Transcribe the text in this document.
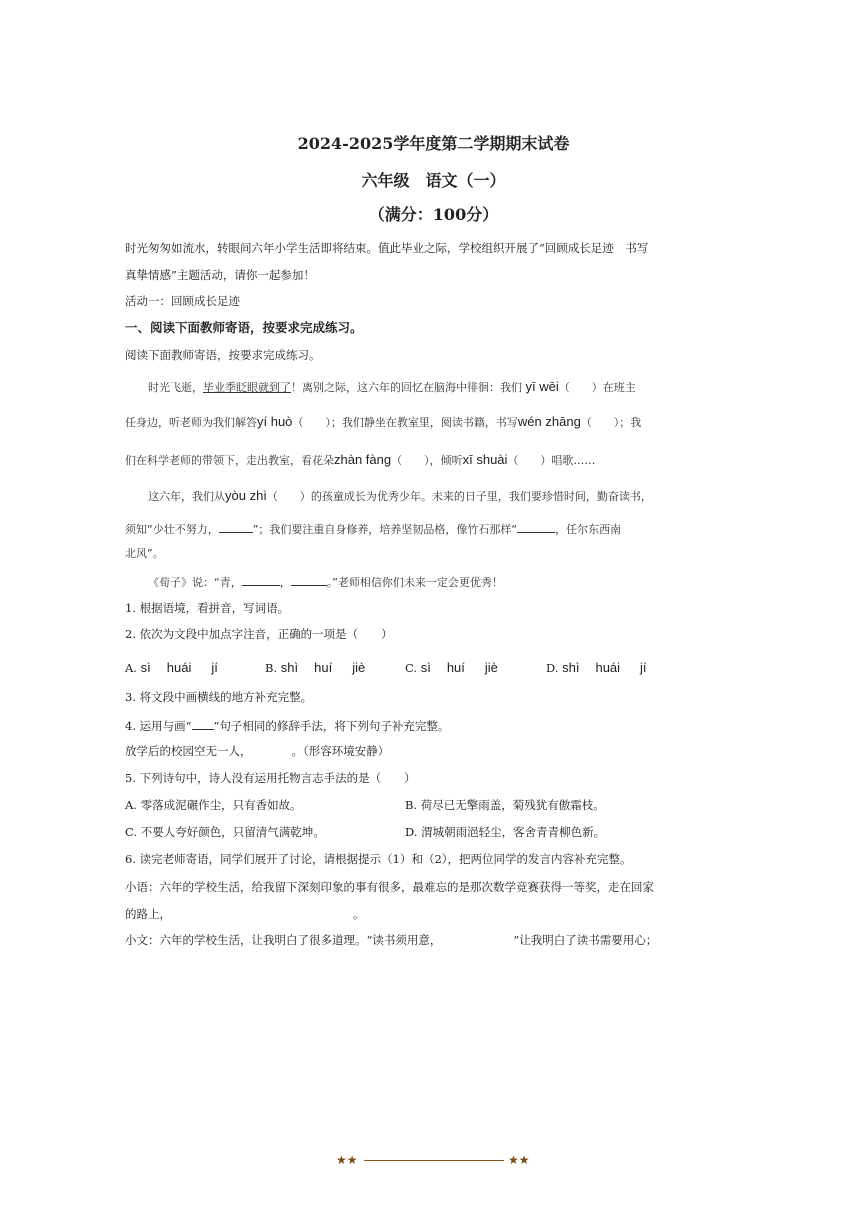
2024-2025学年度第二学期期末试卷
六年级　语文（一）
（满分：100分）
时光匆匆如流水，转眼间六年小学生活即将结束。值此毕业之际，学校组织开展了“回顾成长足迹　书写
真挚情感”主题活动，请你一起参加！
活动一：回顾成长足迹
一、阅读下面教师寄语，按要求完成练习。
阅读下面教师寄语，按要求完成练习。
时光飞逝，毕业季眨眼就到了！离别之际，这六年的回忆在脑海中徘徊：我们 yī wēi（　　）在班主
任身边，听老师为我们解答yí huò（　　）；我们静坐在教室里，阅读书籍，书写wén zhāng（　　）；我
们在科学老师的带领下，走出教室，看花朵zhàn fàng（　　），倾听xī shuài（　　）唱歌……
这六年，我们从yòu zhì（　　）的孩童成长为优秀少年。未来的日子里，我们要珍惜时间，勤奋读书，
须知“少壮不努力，	”；我们要注重自身修养，培养坚韧品格，像竹石那样“	，任尔东西南
北风”。
《荀子》说：“青，	，	。”老师相信你们未来一定会更优秀！
1. 根据语境，看拼音，写词语。
2. 依次为文段中加点字注音，正确的一项是（　　）
A. sì huái jí	B. shì huí jiè	C. sì huí jiè	D. shì huái jí
3. 将文段中画横线的地方补充完整。
4. 运用与画“ ”句子相同的修辞手法，将下列句子补充完整。
放学后的校园空无一人，	。（形容环境安静）
5. 下列诗句中，诗人没有运用托物言志手法的是（　　）
A. 零落成泥碾作尘，只有香如故。	B. 荷尽已无擎雨盖，菊残犹有傲霜枝。
C. 不要人夸好颜色，只留清气满乾坤。	D. 渭城朝雨浥轻尘，客舍青青柳色新。
6. 读完老师寄语，同学们展开了讨论，请根据提示（1）和（2），把两位同学的发言内容补充完整。
小语：六年的学校生活，给我留下深刻印象的事有很多，最难忘的是那次数学竞赛获得一等奖，走在回家
的路上，	。
小文：六年的学校生活，让我明白了很多道理。“读书须用意，	”让我明白了读书需要用心；
★★	★★
